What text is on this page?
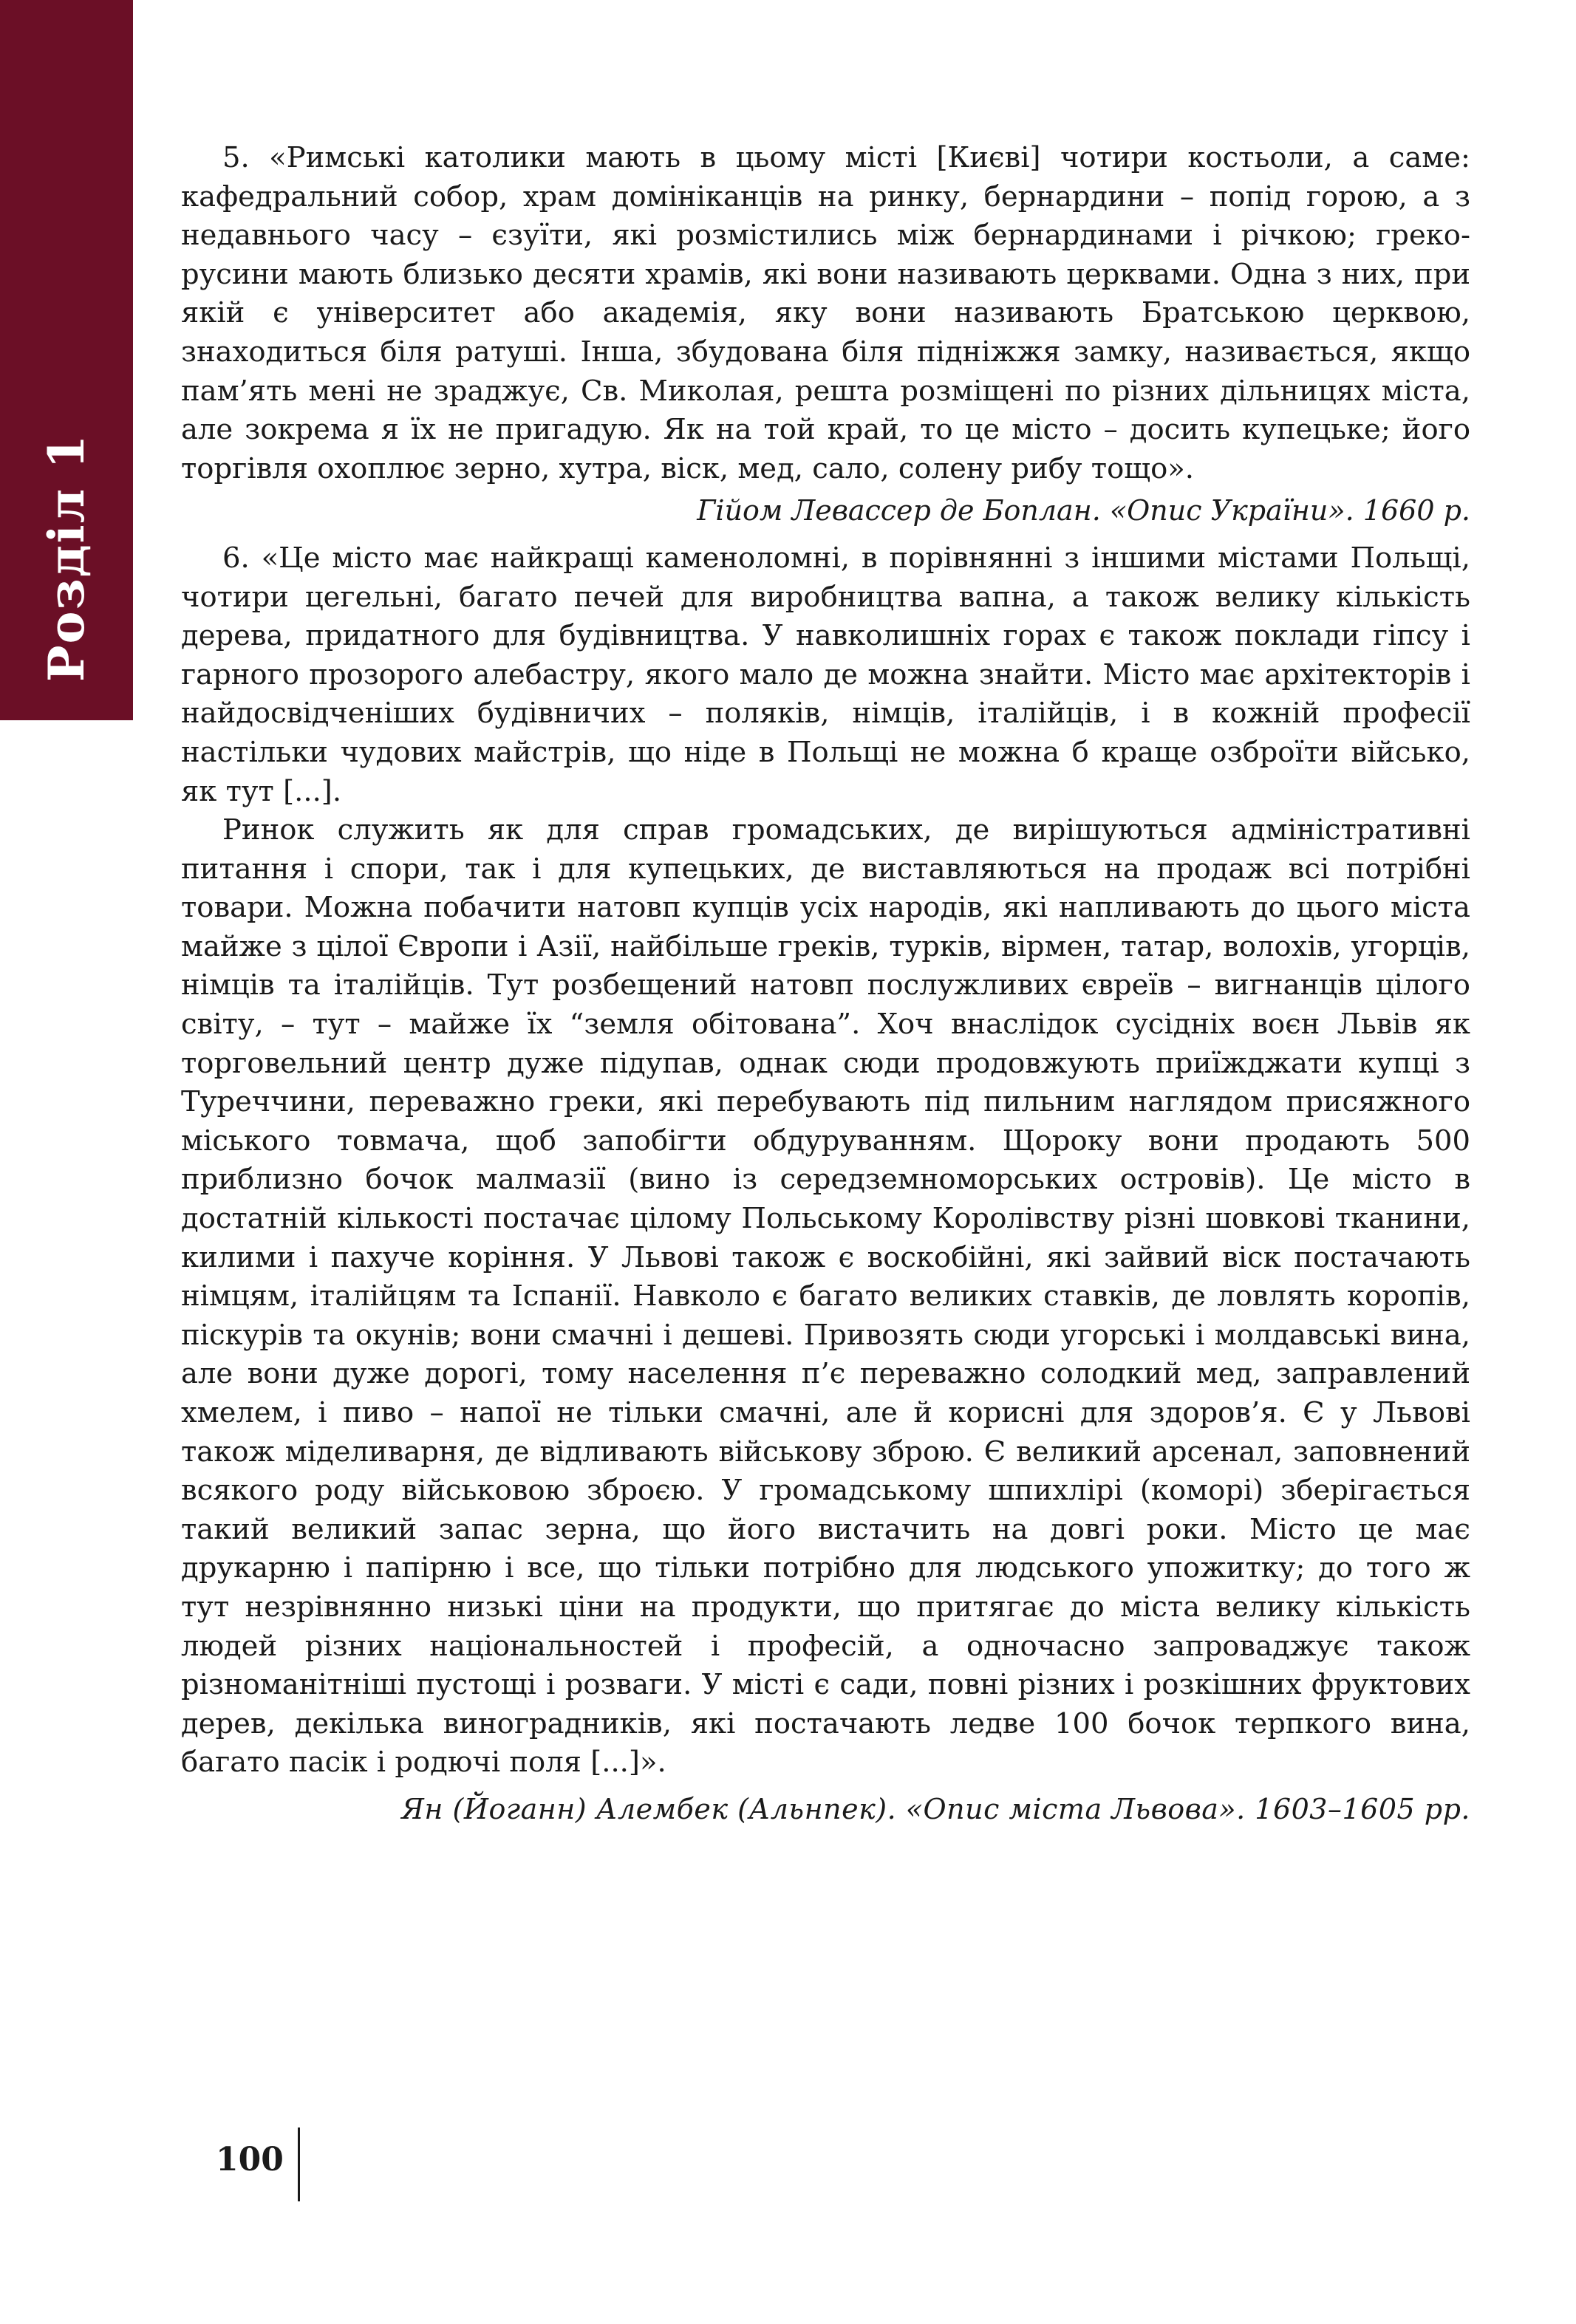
Розділ 1

5. «Римські католики мають в цьому місті [Києві] чотири костьоли, а саме: кафедральний собор, храм домініканців на ринку, бернардини – попід горою, а з недавнього часу – єзуїти, які розмістились між бернардинами і річкою; греко-русини мають близько десяти храмів, які вони називають церквами. Одна з них, при якій є університет або академія, яку вони називають Братською церквою, знаходиться біля ратуші. Інша, збудована біля підніжжя замку, називається, якщо пам’ять мені не зраджує, Св. Миколая, решта розміщені по різних дільницях міста, але зокрема я їх не пригадую. Як на той край, то це місто – досить купецьке; його торгівля охоплює зерно, хутра, віск, мед, сало, солену рибу тощо».

Гійом Левассер де Боплан. «Опис України». 1660 р.

6. «Це місто має найкращі каменоломні, в порівнянні з іншими містами Польщі, чотири цегельні, багато печей для виробництва вапна, а також велику кількість дерева, придатного для будівництва. У навколишніх горах є також поклади гіпсу і гарного прозорого алебастру, якого мало де можна знайти. Місто має архітекторів і найдосвідченіших будівничих – поляків, німців, італійців, і в кожній професії настільки чудових майстрів, що ніде в Польщі не можна б краще озброїти військо, як тут [...].

Ринок служить як для справ громадських, де вирішуються адміністративні питання і спори, так і для купецьких, де виставляються на продаж всі потрібні товари. Можна побачити натовп купців усіх народів, які напливають до цього міста майже з цілої Європи і Азії, найбільше греків, турків, вірмен, татар, волохів, угорців, німців та італійців. Тут розбещений натовп послужливих євреїв – вигнанців цілого світу, – тут – майже їх “земля обітована”. Хоч внаслідок сусідніх воєн Львів як торговельний центр дуже підупав, однак сюди продовжують приїжджати купці з Туреччини, переважно греки, які перебувають під пильним наглядом присяжного міського товмача, щоб запобігти обдуруванням. Щороку вони продають 500 приблизно бочок малмазії (вино із середземноморських островів). Це місто в достатній кількості постачає цілому Польському Королівству різні шовкові тканини, килими і пахуче коріння. У Львові також є воскобійні, які зайвий віск постачають німцям, італійцям та Іспанії. Навколо є багато великих ставків, де ловлять коропів, піскурів та окунів; вони смачні і дешеві. Привозять сюди угорські і молдавські вина, але вони дуже дорогі, тому населення п’є переважно солодкий мед, заправлений хмелем, і пиво – напої не тільки смачні, але й корисні для здоров’я. Є у Львові також міделиварня, де відливають військову зброю. Є великий арсенал, заповнений всякого роду військовою зброєю. У громадському шпихлірі (коморі) зберігається такий великий запас зерна, що його вистачить на довгі роки. Місто це має друкарню і папірню і все, що тільки потрібно для людського упожитку; до того ж тут незрівнянно низькі ціни на продукти, що притягає до міста велику кількість людей різних національностей і професій, а одночасно запроваджує також різноманітніші пустощі і розваги. У місті є сади, повні різних і розкішних фруктових дерев, декілька виноградників, які постачають ледве 100 бочок терпкого вина, багато пасік і родючі поля [...]».

Ян (Йоганн) Алембек (Альнпек). «Опис міста Львова». 1603–1605 рр.

100
